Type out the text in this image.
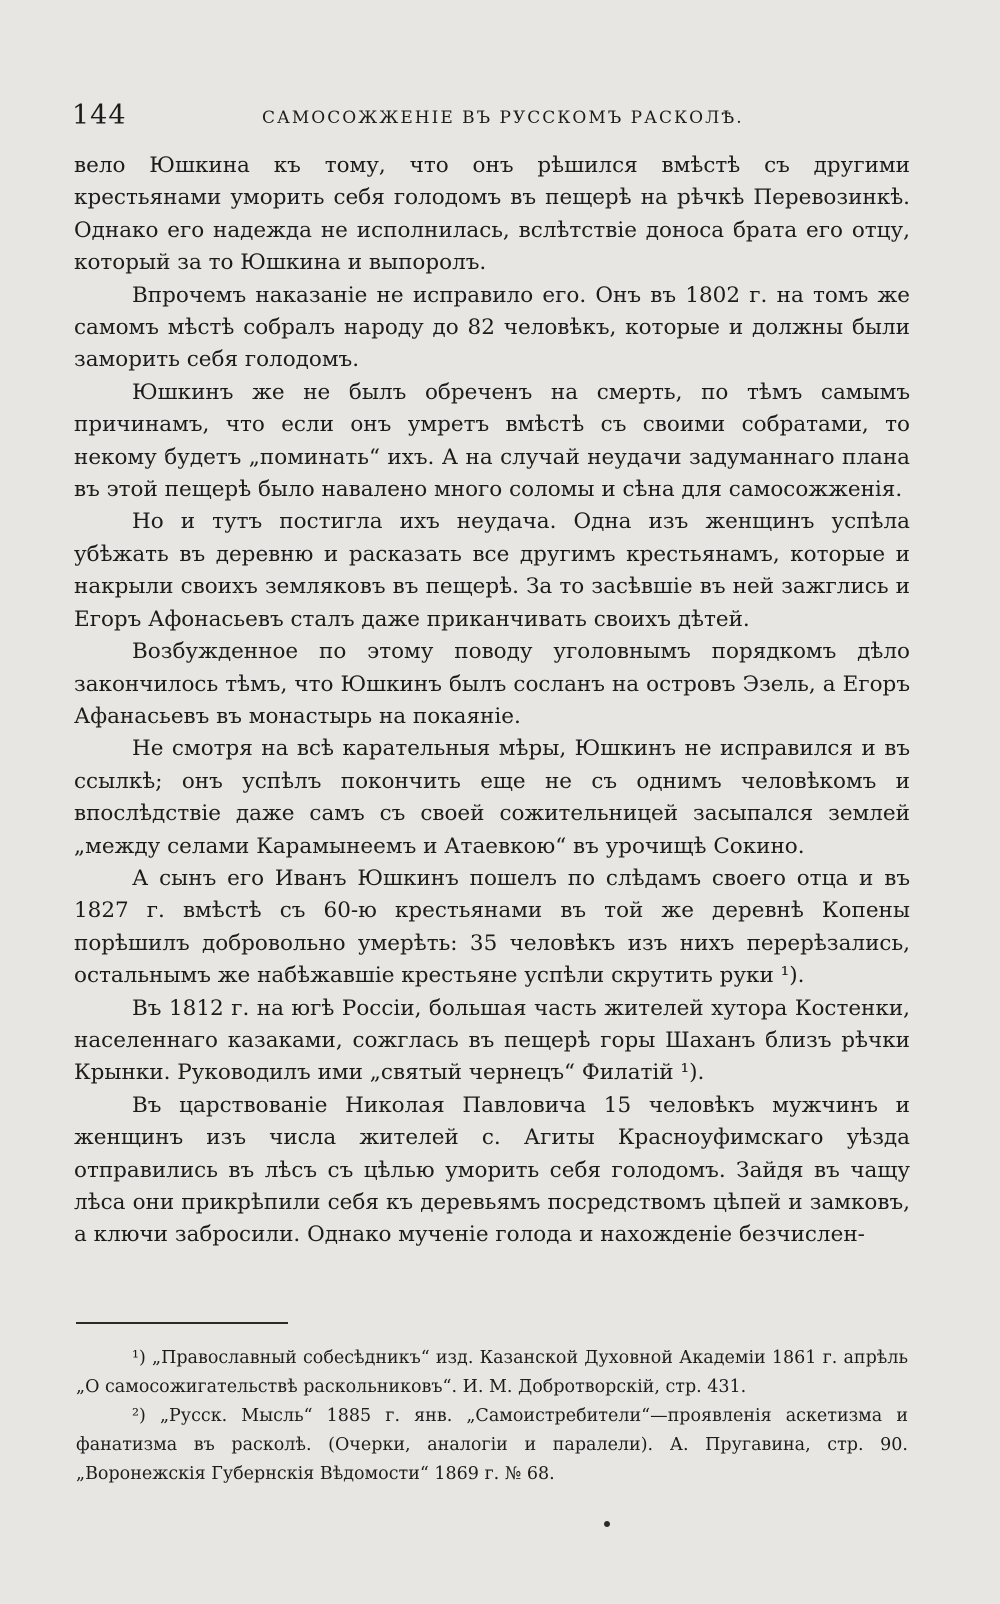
144	САМОСОЖЖЕНІЕ ВЪ РУССКОМЪ РАСКОЛѢ.

вело Юшкина къ тому, что онъ рѣшился вмѣстѣ съ другими крестьянами уморить себя голодомъ въ пещерѣ на рѣчкѣ Перевозинкѣ. Однако его надежда не исполнилась, вслѣтствіе доноса брата его отцу, который за то Юшкина и выпоролъ.

Впрочемъ наказаніе не исправило его. Онъ въ 1802 г. на томъ же самомъ мѣстѣ собралъ народу до 82 человѣкъ, которые и должны были заморить себя голодомъ.

Юшкинъ же не былъ обреченъ на смерть, по тѣмъ самымъ причинамъ, что если онъ умретъ вмѣстѣ съ своими собратами, то некому будетъ „поминать“ ихъ. А на случай неудачи задуманнаго плана въ этой пещерѣ было навалено много соломы и сѣна для самосожженія.

Но и тутъ постигла ихъ неудача. Одна изъ женщинъ успѣла убѣжать въ деревню и расказать все другимъ крестьянамъ, которые и накрыли своихъ земляковъ въ пещерѣ. За то засѣвшіе въ ней зажглись и Егоръ Афонасьевъ сталъ даже приканчивать своихъ дѣтей.

Возбужденное по этому поводу уголовнымъ порядкомъ дѣло закончилось тѣмъ, что Юшкинъ былъ сосланъ на островъ Эзель, а Егоръ Афанасьевъ въ монастырь на покаяніе.

Не смотря на всѣ карательныя мѣры, Юшкинъ не исправился и въ ссылкѣ; онъ успѣлъ покончить еще не съ однимъ человѣкомъ и впослѣдствіе даже самъ съ своей сожительницей засыпался землей „между селами Карамынеемъ и Атаевкою“ въ урочищѣ Сокино.

А сынъ его Иванъ Юшкинъ пошелъ по слѣдамъ своего отца и въ 1827 г. вмѣстѣ съ 60-ю крестьянами въ той же деревнѣ Копены порѣшилъ добровольно умерѣть: 35 человѣкъ изъ нихъ перерѣзались, остальнымъ же набѣжавшіе крестьяне успѣли скрутить руки ¹).

Въ 1812 г. на югѣ Россіи, большая часть жителей хутора Костенки, населеннаго казаками, сожглась въ пещерѣ горы Шаханъ близъ рѣчки Крынки. Руководилъ ими „святый чернецъ“ Филатій ¹).

Въ царствованіе Николая Павловича 15 человѣкъ мужчинъ и женщинъ изъ числа жителей с. Агиты Красноуфимскаго уѣзда отправились въ лѣсъ съ цѣлью уморить себя голодомъ. Зайдя въ чащу лѣса они прикрѣпили себя къ деревьямъ посредствомъ цѣпей и замковъ, а ключи забросили. Однако мученіе голода и нахожденіе безчислен-

¹) „Православный собесѣдникъ“ изд. Казанской Духовной Академіи 1861 г. апрѣль „О самосожигательствѣ раскольниковъ“. И. М. Добротворскій, стр. 431.

²) „Русск. Мысль“ 1885 г. янв. „Самоистребители“—проявленія аскетизма и фанатизма въ расколѣ. (Очерки, аналогіи и паралели). А. Пругавина, стр. 90. „Воронежскія Губернскія Вѣдомости“ 1869 г. № 68.
